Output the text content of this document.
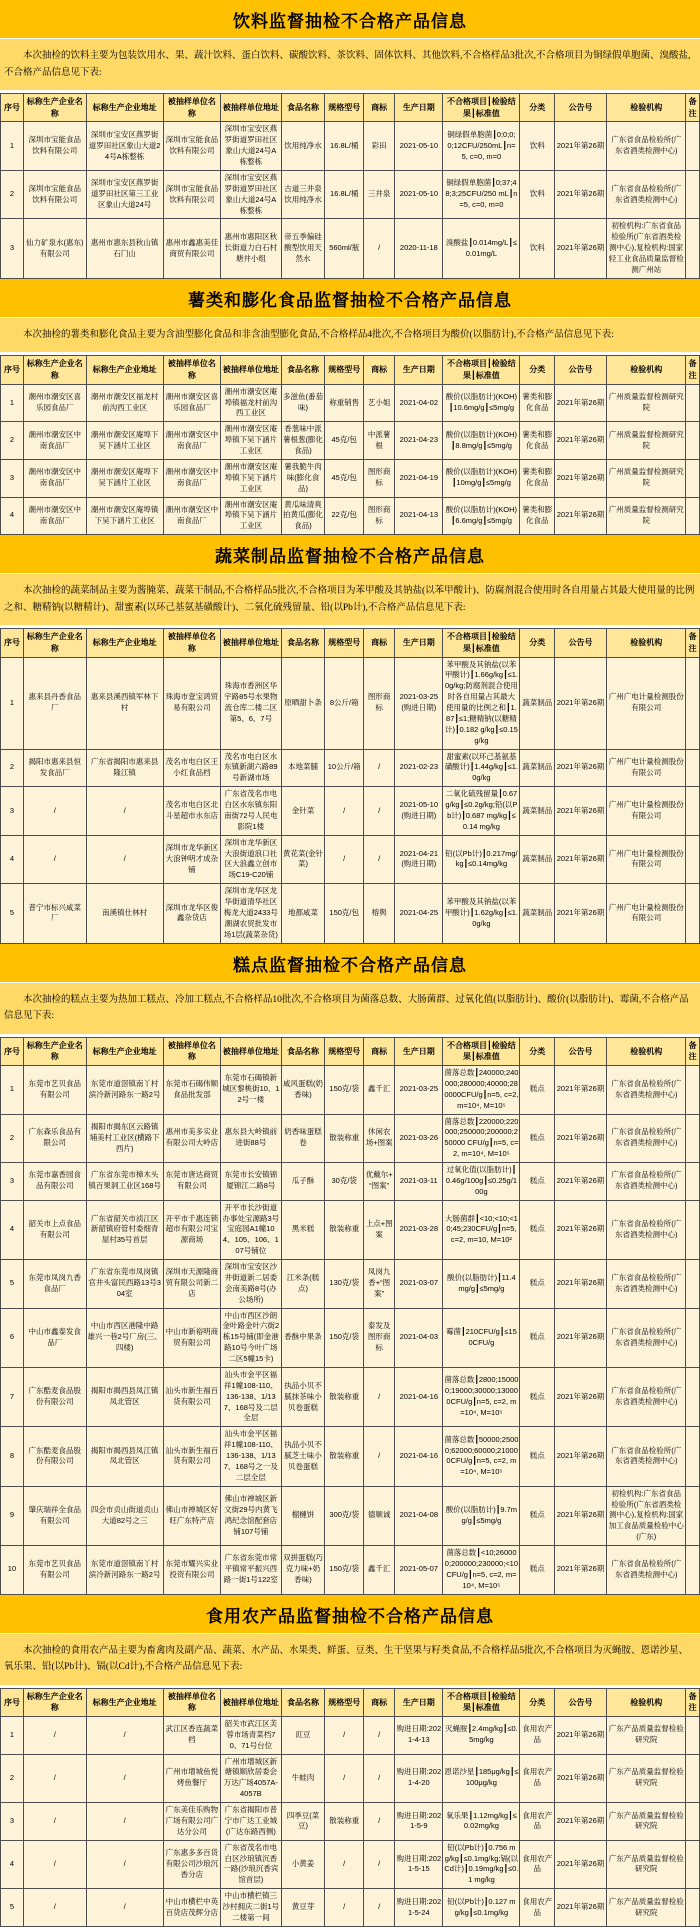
饮料监督抽检不合格产品信息
本次抽检的饮料主要为包装饮用水、果、蔬汁饮料、蛋白饮料、碳酸饮料、茶饮料、固体饮料、其他饮料,不合格样品3批次,不合格项目为铜绿假单胞菌、溴酸盐,不合格产品信息见下表:
序号	标称生产企业名称	标称生产企业地址	被抽样单位名称	被抽样单位地址	食品名称	规格型号	商标	生产日期	不合格项目┃检验结果┃标准值	分类	公告号	检验机构	备注
1	深圳市宝能食品饮料有限公司	深圳市宝安区燕罗街道罗田社区象山大道24号A栋整栋	深圳市宝能食品饮料有限公司	深圳市宝安区燕罗街道罗田社区象山大道24号A栋整栋	饮用纯净水	16.8L/桶	彩田	2021-05-10	铜绿假单胞菌┃0;0;0;0;12CFU/250mL┃n=5, c=0, m=0	饮料	2021年第26期	广东省食品检验所(广东省酒类检测中心)	
2	深圳市宝能食品饮料有限公司	深圳市宝安区燕罗街道罗田社区第三工业区象山大道24号	深圳市宝能食品饮料有限公司	深圳市宝安区燕罗街道罗田社区象山大道24号A栋整栋	古道三井泉饮用纯净水	16.8L/桶	三井泉	2021-05-10	铜绿假单胞菌┃0;37;48;3;25CFU/250 mL┃n=5, c=0, m=0	饮料	2021年第26期	广东省食品检验所(广东省酒类检测中心)	
3	仙力矿泉水(惠东)有限公司	惠州市惠东县秋山镇石门山	惠州市鑫惠美佳商贸有限公司	惠州市惠阳区秋长街道力白石村塘井小组	帝五季偏硅酸型饮用天然水	560ml/瓶	/	2020-11-18	溴酸盐┃0.014mg/L┃≤0.01mg/L	饮料	2021年第26期	初检机构:广东省食品检验所(广东省酒类检测中心),复检机构:国家轻工业食品质量监督检测广州站	
薯类和膨化食品监督抽检不合格产品信息
本次抽检的薯类和膨化食品主要为含油型膨化食品和非含油型膨化食品,不合格样品4批次,不合格项目为酸价(以脂肪计),不合格产品信息见下表:
序号	标称生产企业名称	标称生产企业地址	被抽样单位名称	被抽样单位地址	食品名称	规格型号	商标	生产日期	不合格项目┃检验结果┃标准值	分类	公告号	检验机构	备注
1	潮州市潮安区喜乐园食品厂	潮州市潮安区福龙村前沟西工业区	潮州市潮安区喜乐园食品厂	潮州市潮安区庵埠镇福龙村前沟西工业区	多滋鱼(番茄味)	称重销售	艺小姐	2021-04-02	酸价(以脂肪计)(KOH)┃10.6mg/g┃≤5mg/g	薯类和膨化食品	2021年第26期	广州质量监督检测研究院	
2	潮州市潮安区中南食品厂	潮州市潮安区庵埠下吴下涵片工业区	潮州市潮安区中南食品厂	潮州市潮安区庵埠镇下吴下涵片工业区	香葱味中派薯根葱(膨化食品)	45克/包	中派薯根	2021-04-23	酸价(以脂肪计)(KOH)┃8.8mg/g┃≤5mg/g	薯类和膨化食品	2021年第26期	广州质量监督检测研究院	
3	潮州市潮安区中南食品厂	潮州市潮安区庵埠下吴下涵片工业区	潮州市潮安区中南食品厂	潮州市潮安区庵埠镇下吴下涵片工业区	薯我脆牛肉味(膨化食品)	45克/包	图形商标	2021-04-19	酸价(以脂肪计)(KOH)┃10mg/g┃≤5mg/g	薯类和膨化食品	2021年第26期	广州质量监督检测研究院	
4	潮州市潮安区中南食品厂	潮州市潮安区庵埠镇下吴下涵片工业区	潮州市潮安区中南食品厂	潮州市潮安区庵埠镇下吴下涵片工业区	黄瓜味清爽拍黄瓜(膨化食品)	22克/包	图形商标	2021-04-13	酸价(以脂肪计)(KOH)┃6.6mg/g┃≤5mg/g	薯类和膨化食品	2021年第26期	广州质量监督检测研究院	
蔬菜制品监督抽检不合格产品信息
本次抽检的蔬菜制品主要为酱腌菜、蔬菜干制品,不合格样品5批次,不合格项目为苯甲酸及其钠盐(以苯甲酸计)、防腐剂混合使用时各自用量占其最大使用量的比例之和、糖精钠(以糖精计)、甜蜜素(以环己基氨基磺酸计)、二氧化硫残留量、铅(以Pb计),不合格产品信息见下表:
序号	标称生产企业名称	标称生产企业地址	被抽样单位名称	被抽样单位地址	食品名称	规格型号	商标	生产日期	不合格项目┃检验结果┃标准值	分类	公告号	检验机构	备注
1	惠来县丹香食品厂	惠来县溪西镇军林下村	珠海市壹宝鸿贸易有限公司	珠海市香洲区华宇路85号水果物流仓库二楼二区第5、6、7号	原晒甜卜条	8公斤/箱	图形商标	2021-03-25(购进日期)	苯甲酸及其钠盐(以苯甲酸计)┃1.66g/kg┃≤1.0g/kg;防腐剂混合使用时各自用量占其最大使用量的比例之和┃1.87┃≤1;糖精钠(以糖精计)┃0.182 g/kg┃≤0.15 g/kg	蔬菜制品	2021年第26期	广州广电计量检测股份有限公司	
2	揭阳市惠来县恒发食品厂	广东省揭阳市惠来县隆江镇	茂名市电白区王小红食品档	茂名市电白区水东镇新湖六路89号新湖市场	本地菜脯	10公斤/箱	/	2021-02-23	甜蜜素(以环己基氨基磺酸计)┃1.44g/kg┃≤1.0g/kg	蔬菜制品	2021年第26期	广州广电计量检测股份有限公司	
3	/	/	茂名市电白区北斗星超市水东店	广东省茂名市电白区水东镇东阳南街72号人民电影院1楼	金针菜	/	/	2021-05-10(购进日期)	二氧化硫残留量┃0.67g/kg┃≤0.2g/kg;铅(以Pb计)┃0.687 mg/kg┃≤0.14 mg/kg	蔬菜制品	2021年第26期	广州广电计量检测股份有限公司	
4	/	/	深圳市龙华新区大浪钟明才成杂铺	深圳市龙华新区大浪街道浪口社区大浪鑫立创市场C19-C20铺	黄花菜(金针菜)	/	/	2021-04-21(购进日期)	铅(以Pb计)┃0.217mg/kg┃≤0.14mg/kg	蔬菜制品	2021年第26期	广州广电计量检测股份有限公司	
5	普宁市标兴咸菜厂	南溪镇仕林村	深圳市龙华区俊鑫杂货店	深圳市龙华区龙华街道清华社区梅龙大道2433号潮湖农贸批发市场1层(蔬菜杂货)	地都咸菜	150克/包	榕舆	2021-04-25	苯甲酸及其钠盐(以苯甲酸计)┃1.62g/kg┃≤1.0g/kg	蔬菜制品	2021年第26期	广州广电计量检测股份有限公司	
糕点监督抽检不合格产品信息
本次抽检的糕点主要为热加工糕点、冷加工糕点,不合格样品10批次,不合格项目为菌落总数、大肠菌群、过氧化值(以脂肪计)、酸价(以脂肪计)、霉菌,不合格产品信息见下表:
序号	标称生产企业名称	标称生产企业地址	被抽样单位名称	被抽样单位地址	食品名称	规格型号	商标	生产日期	不合格项目┃检验结果┃标准值	分类	公告号	检验机构	备注
1	东莞市艺贝食品有限公司	东莞市道滘镇南丫村滨冷新河路东一路2号	东莞市石碣伟顺食品批发部	东莞市石碣镇新城区黎桃街10、12号一楼	咸风蛋糕(奶香味)	150克/袋	鑫千汇	2021-03-25	菌落总数┃240000;240000;280000;40000;280000CFU/g┃n=5, c=2, m=10⁴, M=10⁵	糕点	2021年第26期	广东省食品检验所(广东省酒类检测中心)	
2	广东森乐食品有限公司	揭阳市揭东区云路镇埔美村工业区(横路下西片)	惠州市美多实业有限公司大岭店	惠东县大岭镇前进街88号	奶香味蛋糕卷	散装称重	休闲农场+图案	2021-03-26	菌落总数┃220000;220000;250000;200000;250000 CFU/g┃n=5, c=2, m=10⁴, M=10⁵	糕点	2021年第26期	广东省食品检验所(广东省酒类检测中心)	
3	东莞市嘉香园食品有限公司	广东省东莞市樟木头镇百果洞工业区168号	东莞市唐达商贸有限公司	东莞市长安镇锦厦锦江二路8号	瓜子酥	30克/袋	优戴尔+“图案”	2021-03-11	过氧化值(以脂肪计)┃0.46g/100g┃≤0.25g/100g	糕点	2021年第26期	广东省食品检验所(广东省酒类检测中心)	
4	韶关市上点食品有限公司	广东省韶关市浈江区新韶镇府管村委细青屋村35号首层	开平市千惠连锁超市有限公司宝源商场	开平市长沙街道办事处宝源路3号宝庭园A1幢104、105、106、107号铺位	黑米糕	散装称重	上点+图案	2021-03-28	大肠菌群┃<10;<10;<10;45;230CFU/g┃n=5, c=2, m=10, M=10²	糕点	2021年第26期	广东省食品检验所(广东省酒类检测中心)	
5	东莞市凤岗九香食品厂	广东省东莞市凤岗镇官井头富民西路13号304室	深圳市天源隆商贸有限公司新二店	深圳市宝安区沙井街道新二居委会南美路8号(办公场所)	江米条(糕点)	130克/袋	凤岗九香+“图案”	2021-03-07	酸价(以脂肪计)┃11.4mg/g┃≤5mg/g	糕点	2021年第26期	广东省食品检验所(广东省酒类检测中心)	
6	中山市鑫泰发食品厂	中山市西区港隆中路雄兴一巷2号厂房(三、四楼)	中山市新裕明商贸有限公司	中山市西区沙朗金叶路金叶六街2栋15号铺(即金港路10号今叶广场二区5幢15卡)	香酥中果条	150克/袋	泰发及图形商标	2021-04-03	霉菌┃210CFU/g┃≤150CFU/g	糕点	2021年第26期	广东省食品检验所(广东省酒类检测中心)	
7	广东酷麦食品股份有限公司	揭阳市揭西县凤江镇凤北管区	汕头市新生福百货有限公司	汕头市金平区福祥1幢108-110、136-138、1/137、168号及二层全层	执品小贝不腻抹茶味小贝卷蛋糕	散装称重	/	2021-04-16	菌落总数┃2800;150000;19000;30000;130000CFU/g┃n=5, c=2, m=10⁴, M=10⁵	糕点	2021年第26期	广东省食品检验所(广东省酒类检测中心)	
8	广东酷麦食品股份有限公司	揭阳市揭西县凤江镇凤北管区	汕头市新生福百货有限公司	汕头市金平区福祥1幢108-110、136-138、1/137、168号之一及二层全层	执品小贝不腻芝士味小贝卷蛋糕	散装称重	/	2021-04-16	菌落总数┃50000;25000;62000;60000;210000CFU/g┃n=5, c=2, m=10⁴, M=10⁵	糕点	2021年第26期	广东省食品检验所(广东省酒类检测中心)	
9	肇庆瑞祥全食品有限公司	四会市贞山街道贞山大道82号之三	佛山市禅城区好旺广东特产店	佛山市禅城区新文街29号内黄飞鸿纪念馆配套店铺107号铺	榴槤饼	300克/袋	德顺诚	2021-04-08	酸价(以脂肪计)┃9.7mg/g┃≤5mg/g	糕点	2021年第26期	初检机构:广东省食品检验所(广东省酒类检测中心),复检机构:国家加工食品质量检验中心(广东)	
10	东莞市艺贝食品有限公司	东莞市道滘镇南丫村滨冷新河路东一路2号	东莞市耀兴实业投资有限公司	广东省东莞市常平镇常平振兴西路一街1号122室	双拼蛋糕(巧克力味+奶香味)	150克/袋	鑫千汇	2021-05-07	菌落总数┃<10;260000;200000;230000;<10CFU/g┃n=5, c=2, m=10⁴, M=10⁵	糕点	2021年第26期	广东省食品检验所(广东省酒类检测中心)	
食用农产品监督抽检不合格产品信息
本次抽检的食用农产品主要为畜禽肉及副产品、蔬菜、水产品、水果类、鲜蛋、豆类、生干坚果与籽类食品,不合格样品5批次,不合格项目为灭蝇胺、恩诺沙星、氧乐果、铅(以Pb计)、镉(以Cd计),不合格产品信息见下表:
序号	标称生产企业名称	标称生产企业地址	被抽样单位名称	被抽样单位地址	食品名称	规格型号	商标	生产日期	不合格项目┃检验结果┃标准值	分类	公告号	检验机构	备注
1	/	/	武江区香连蔬菜档	韶关市武江区芙蓉市场青菜档70、71号台位	豇豆	/	/	购进日期:2021-4-13	灭蝇胺┃2.4mg/kg┃≤0.5mg/kg	食用农产品	2021年第26期	广东产品质量监督检验研究院	
2	/	/	广州市增城鱼悦烤鱼餐厅	广州市增城区新塘镇顺欣居委会万达广场4057A-4057B	牛蛙肉	/	/	购进日期:2021-4-20	恩诺沙星┃185μg/kg┃≤100μg/kg	食用农产品	2021年第26期	广东产品质量监督检验研究院	
3	/	/	广东美佳乐购物广场有限公司广达分公司	广东省揭阳市普宁市广达工业城(广达东路西侧)	四季豆(菜豆)	散装称重	/	购进日期:2021-5-9	氧乐果┃1.12mg/kg┃≤0.02mg/kg	食用农产品	2021年第26期	广东产品质量监督检验研究院	
4	/	/	广东惠多多百货有限公司沙琅沉香分店	广东省茂名市电白区沙琅镇沉香一路(沙琅沉香宾馆首层)	小黄姜	/	/	购进日期:2021-5-15	铅(以Pb计)┃0.756 mg/kg┃≤0.1mg/kg;镉(以Cd计)┃0.19mg/kg┃≤0.1 mg/kg	食用农产品	2021年第26期	广东产品质量监督检验研究院	
5	/	/	中山市横栏中英百货店茂辉分店	中山市横栏镇三沙村拥庆二街1号二楼第一间	黄豆芽	/	/	购进日期:2021-5-24	铅(以Pb计)┃0.127 mg/kg┃≤0.1mg/kg	食用农产品	2021年第26期	广东产品质量监督检验研究院	
